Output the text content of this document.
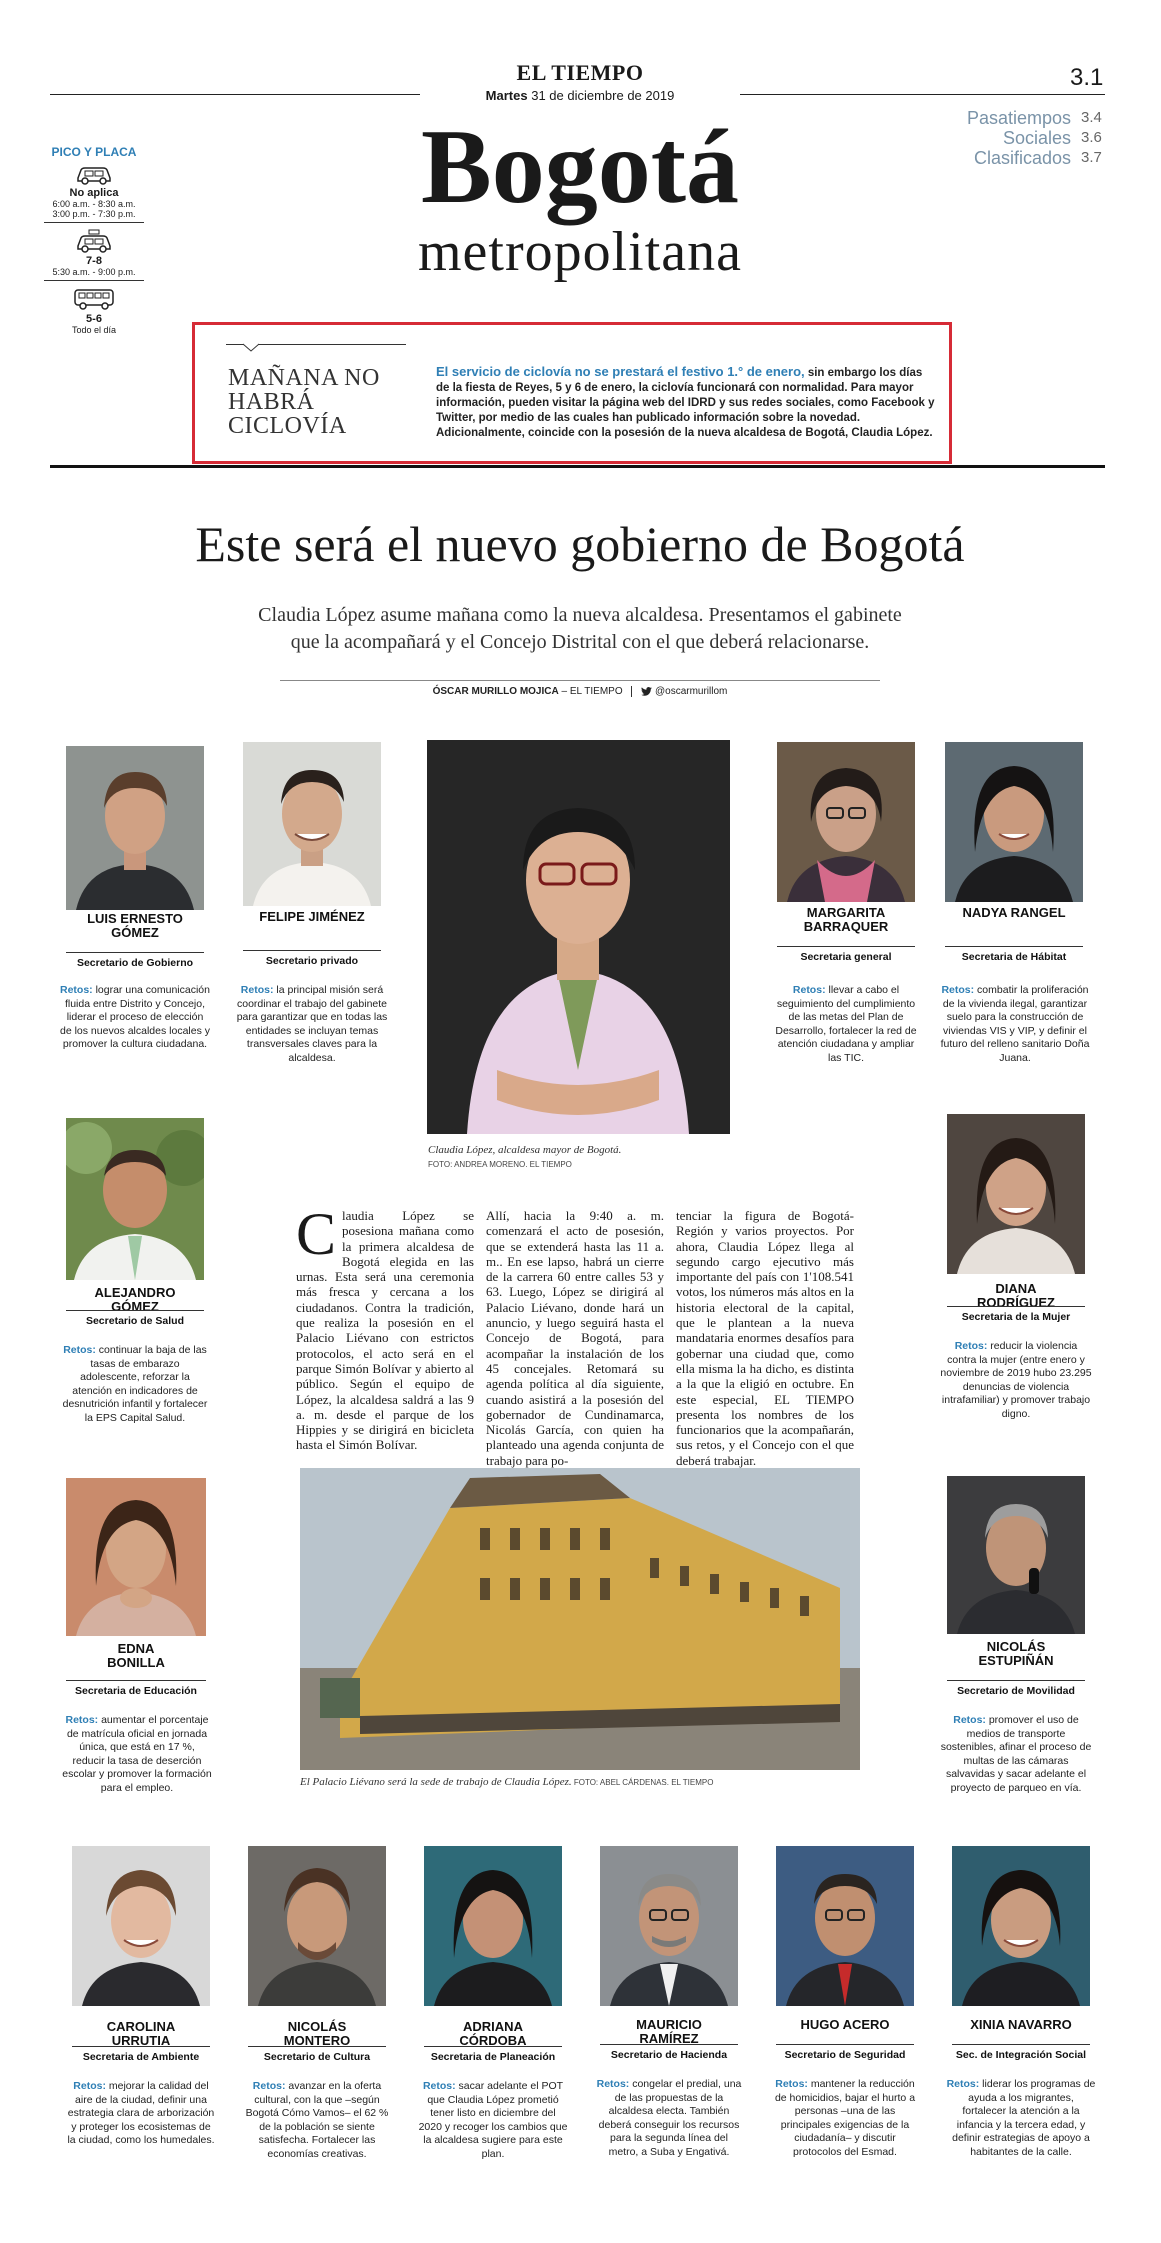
EL TIEMPO
Martes 31 de diciembre de 2019
3.1
Pasatiempos 3.4
Sociales 3.6
Clasificados 3.7
Bogotá
metropolitana
PICO Y PLACA
No aplica
6:00 a.m. - 8:30 a.m.
3:00 p.m. - 7:30 p.m.
7-8
5:30 a.m. - 9:00 p.m.
5-6
Todo el día
MAÑANA NO
HABRÁ
CICLOVÍA
El servicio de ciclovía no se prestará el festivo 1.° de enero, sin embargo los días de la fiesta de Reyes, 5 y 6 de enero, la ciclovía funcionará con normalidad. Para mayor información, pueden visitar la página web del IDRD y sus redes sociales, como Facebook y Twitter, por medio de las cuales han publicado información sobre la novedad. Adicionalmente, coincide con la posesión de la nueva alcaldesa de Bogotá, Claudia López.
Este será el nuevo gobierno de Bogotá
Claudia López asume mañana como la nueva alcaldesa. Presentamos el gabinete
que la acompañará y el Concejo Distrital con el que deberá relacionarse.
ÓSCAR MURILLO MOJICA – EL TIEMPO	@oscarmurillom
LUIS ERNESTO
GÓMEZ
Secretario de Gobierno
Retos: lograr una comunicación fluida entre Distrito y Concejo, liderar el proceso de elección de los nuevos alcaldes locales y promover la cultura ciudadana.
FELIPE JIMÉNEZ
Secretario privado
Retos: la principal misión será coordinar el trabajo del gabinete para garantizar que en todas las entidades se incluyan temas transversales claves para la alcaldesa.
Claudia López, alcaldesa mayor de Bogotá.
FOTO: ANDREA MORENO. EL TIEMPO
MARGARITA
BARRAQUER
Secretaria general
Retos: llevar a cabo el seguimiento del cumplimiento de las metas del Plan de Desarrollo, fortalecer la red de atención ciudadana y ampliar las TIC.
NADYA RANGEL
Secretaria de Hábitat
Retos: combatir la proliferación de la vivienda ilegal, garantizar suelo para la construcción de viviendas VIS y VIP, y definir el futuro del relleno sanitario Doña Juana.
ALEJANDRO
GÓMEZ
Secretario de Salud
Retos: continuar la baja de las tasas de embarazo adolescente, reforzar la atención en indicadores de desnutrición infantil y fortalecer la EPS Capital Salud.
DIANA
RODRÍGUEZ
Secretaria de la Mujer
Retos: reducir la violencia contra la mujer (entre enero y noviembre de 2019 hubo 23.295 denuncias de violencia intrafamiliar) y promover trabajo digno.
Claudia López se posesiona mañana como la primera alcaldesa de Bogotá elegida en las urnas. Esta será una ceremonia más fresca y cercana a los ciudadanos. Contra la tradición, que realiza la posesión en el Palacio Liévano con estrictos protocolos, el acto será en el parque Simón Bolívar y abierto al público. Según el equipo de López, la alcaldesa saldrá a las 9 a. m. desde el parque de los Hippies y se dirigirá en bicicleta hasta el Simón Bolívar.
Allí, hacia la 9:40 a. m. comenzará el acto de posesión, que se extenderá hasta las 11 a. m.. En ese lapso, habrá un cierre de la carrera 60 entre calles 53 y 63. Luego, López se dirigirá al Palacio Liévano, donde hará un anuncio, y luego seguirá hasta el Concejo de Bogotá, para acompañar la instalación de los 45 concejales. Retomará su agenda política al día siguiente, cuando asistirá a la posesión del gobernador de Cundinamarca, Nicolás García, con quien ha planteado una agenda conjunta de trabajo para po-
tenciar la figura de Bogotá-Región y varios proyectos. Por ahora, Claudia López llega al segundo cargo ejecutivo más importante del país con 1'108.541 votos, los números más altos en la historia electoral de la capital, que le plantean a la nueva mandataria enormes desafíos para gobernar una ciudad que, como ella misma la ha dicho, es distinta a la que la eligió en octubre. En este especial, EL TIEMPO presenta los nombres de los funcionarios que la acompañarán, sus retos, y el Concejo con el que deberá trabajar.
EDNA
BONILLA
Secretaria de Educación
Retos: aumentar el porcentaje de matrícula oficial en jornada única, que está en 17 %, reducir la tasa de deserción escolar y promover la formación para el empleo.	El Palacio Liévano será la sede de trabajo de Claudia López. FOTO: ABEL CÁRDENAS. EL TIEMPO
NICOLÁS
ESTUPIÑÁN
Secretario de Movilidad
Retos: promover el uso de medios de transporte sostenibles, afinar el proceso de multas de las cámaras salvavidas y sacar adelante el proyecto de parqueo en vía.
CAROLINA
URRUTIA
Secretaria de Ambiente
Retos: mejorar la calidad del aire de la ciudad, definir una estrategia clara de arborización y proteger los ecosistemas de la ciudad, como los humedales.
NICOLÁS
MONTERO
Secretario de Cultura
Retos: avanzar en la oferta cultural, con la que –según Bogotá Cómo Vamos– el 62 % de la población se siente satisfecha. Fortalecer las economías creativas.
ADRIANA
CÓRDOBA
Secretaria de Planeación
Retos: sacar adelante el POT que Claudia López prometió tener listo en diciembre del 2020 y recoger los cambios que la alcaldesa sugiere para este plan.
MAURICIO
RAMÍREZ
Secretario de Hacienda
Retos: congelar el predial, una de las propuestas de la alcaldesa electa. También deberá conseguir los recursos para la segunda línea del metro, a Suba y Engativá.
HUGO ACERO
Secretario de Seguridad
Retos: mantener la reducción de homicidios, bajar el hurto a personas –una de las principales exigencias de la ciudadanía– y discutir protocolos del Esmad.
XINIA NAVARRO
Sec. de Integración Social
Retos: liderar los programas de ayuda a los migrantes, fortalecer la atención a la infancia y la tercera edad, y definir estrategias de apoyo a habitantes de la calle.
